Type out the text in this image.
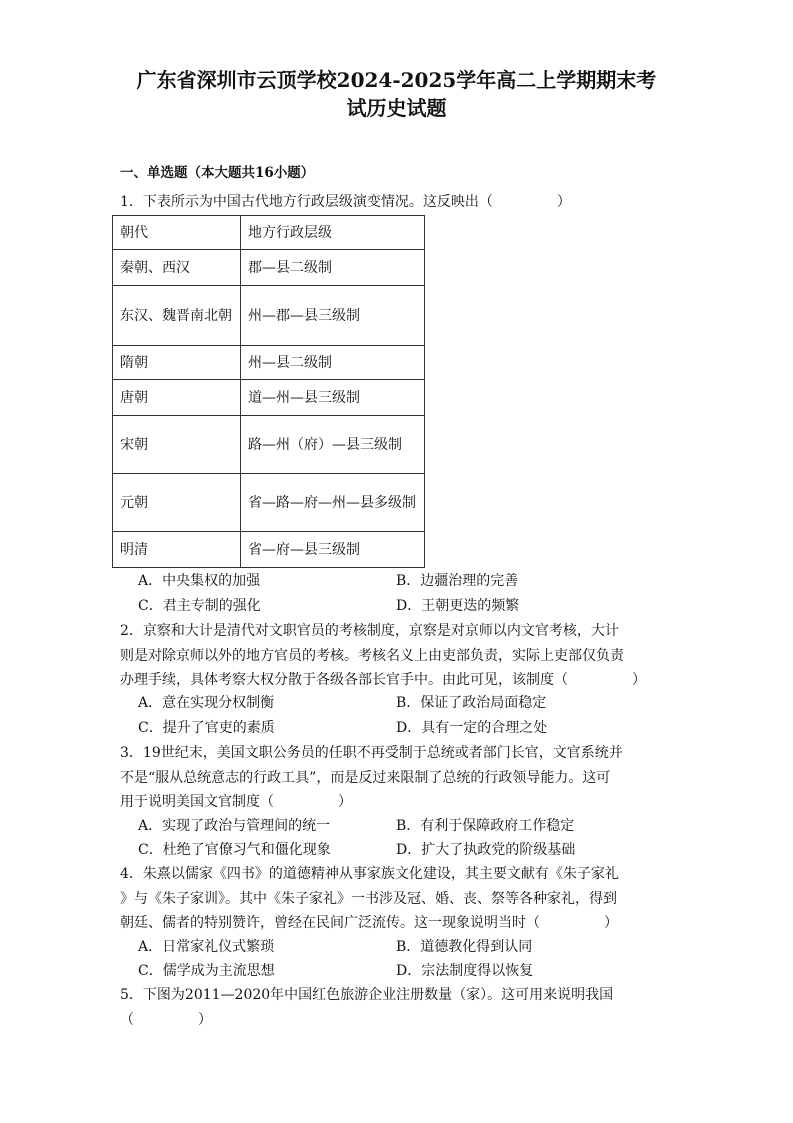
广东省深圳市云顶学校2024-2025学年高二上学期期末考
试历史试题
一、单选题（本大题共16小题）
1．下表所示为中国古代地方行政层级演变情况。这反映出（	）
朝代	地方行政层级
秦朝、西汉	郡—县二级制
东汉、魏晋南北朝	州—郡—县三级制
隋朝	州—县二级制
唐朝	道—州—县三级制
宋朝	路—州（府）—县三级制
元朝	省—路—府—州—县多级制
明清	省—府—县三级制
A．中央集权的加强	B．边疆治理的完善
C．君主专制的强化	D．王朝更迭的频繁
2．京察和大计是清代对文职官员的考核制度，京察是对京师以内文官考核，大计
则是对除京师以外的地方官员的考核。考核名义上由吏部负责，实际上吏部仅负责
办理手续，具体考察大权分散于各级各部长官手中。由此可见，该制度（	）
A．意在实现分权制衡	B．保证了政治局面稳定
C．提升了官吏的素质	D．具有一定的合理之处
3．19世纪末，美国文职公务员的任职不再受制于总统或者部门长官，文官系统并
不是“服从总统意志的行政工具”，而是反过来限制了总统的行政领导能力。这可
用于说明美国文官制度（	）
A．实现了政治与管理间的统一	B．有利于保障政府工作稳定
C．杜绝了官僚习气和僵化现象	D．扩大了执政党的阶级基础
4．朱熹以儒家《四书》的道德精神从事家族文化建设，其主要文献有《朱子家礼
》与《朱子家训》。其中《朱子家礼》一书涉及冠、婚、丧、祭等各种家礼，得到
朝廷、儒者的特别赞许，曾经在民间广泛流传。这一现象说明当时（	）
A．日常家礼仪式繁琐	B．道德教化得到认同
C．儒学成为主流思想	D．宗法制度得以恢复
5．下图为2011—2020年中国红色旅游企业注册数量（家）。这可用来说明我国
（	）
